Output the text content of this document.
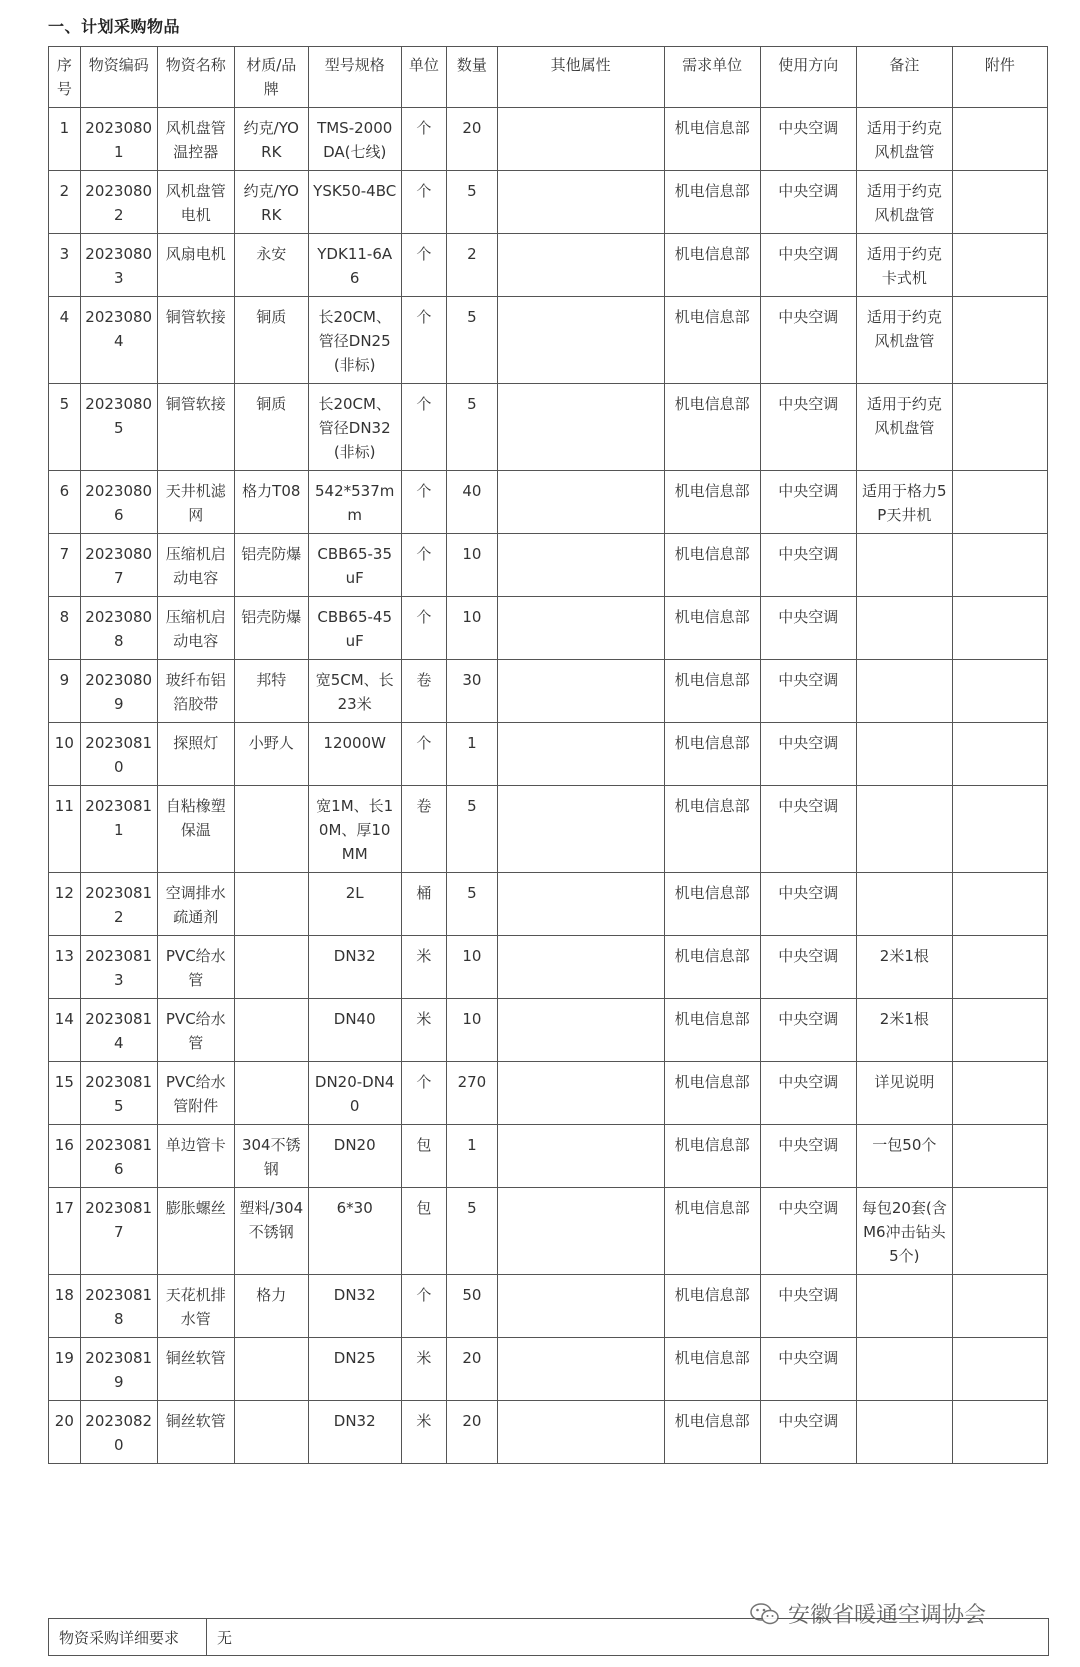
一、计划采购物品
序号	物资编码	物资名称	材质/品牌	型号规格	单位	数量	其他属性	需求单位	使用方向	备注	附件
1	20230801	风机盘管温控器	约克/YORK	TMS-2000DA(七线)	个	20		机电信息部	中央空调	适用于约克风机盘管	
2	20230802	风机盘管电机	约克/YORK	YSK50-4BC	个	5		机电信息部	中央空调	适用于约克风机盘管	
3	20230803	风扇电机	永安	YDK11-6A6	个	2		机电信息部	中央空调	适用于约克卡式机	
4	20230804	铜管软接	铜质	长20CM、管径DN25(非标)	个	5		机电信息部	中央空调	适用于约克风机盘管	
5	20230805	铜管软接	铜质	长20CM、管径DN32(非标)	个	5		机电信息部	中央空调	适用于约克风机盘管	
6	20230806	天井机滤网	格力T08	542*537mm	个	40		机电信息部	中央空调	适用于格力5P天井机	
7	20230807	压缩机启动电容	铝壳防爆	CBB65-35uF	个	10		机电信息部	中央空调		
8	20230808	压缩机启动电容	铝壳防爆	CBB65-45uF	个	10		机电信息部	中央空调		
9	20230809	玻纤布铝箔胶带	邦特	宽5CM、长23米	卷	30		机电信息部	中央空调		
10	20230810	探照灯	小野人	12000W	个	1		机电信息部	中央空调		
11	20230811	自粘橡塑保温		宽1M、长10M、厚10MM	卷	5		机电信息部	中央空调		
12	20230812	空调排水疏通剂		2L	桶	5		机电信息部	中央空调		
13	20230813	PVC给水管		DN32	米	10		机电信息部	中央空调	2米1根	
14	20230814	PVC给水管		DN40	米	10		机电信息部	中央空调	2米1根	
15	20230815	PVC给水管附件		DN20-DN40	个	270		机电信息部	中央空调	详见说明	
16	20230816	单边管卡	304不锈钢	DN20	包	1		机电信息部	中央空调	一包50个	
17	20230817	膨胀螺丝	塑料/304不锈钢	6*30	包	5		机电信息部	中央空调	每包20套(含M6冲击钻头5个)	
18	20230818	天花机排水管	格力	DN32	个	50		机电信息部	中央空调		
19	20230819	铜丝软管		DN25	米	20		机电信息部	中央空调		
20	20230820	铜丝软管		DN32	米	20		机电信息部	中央空调		
物资采购详细要求	无
安徽省暖通空调协会
